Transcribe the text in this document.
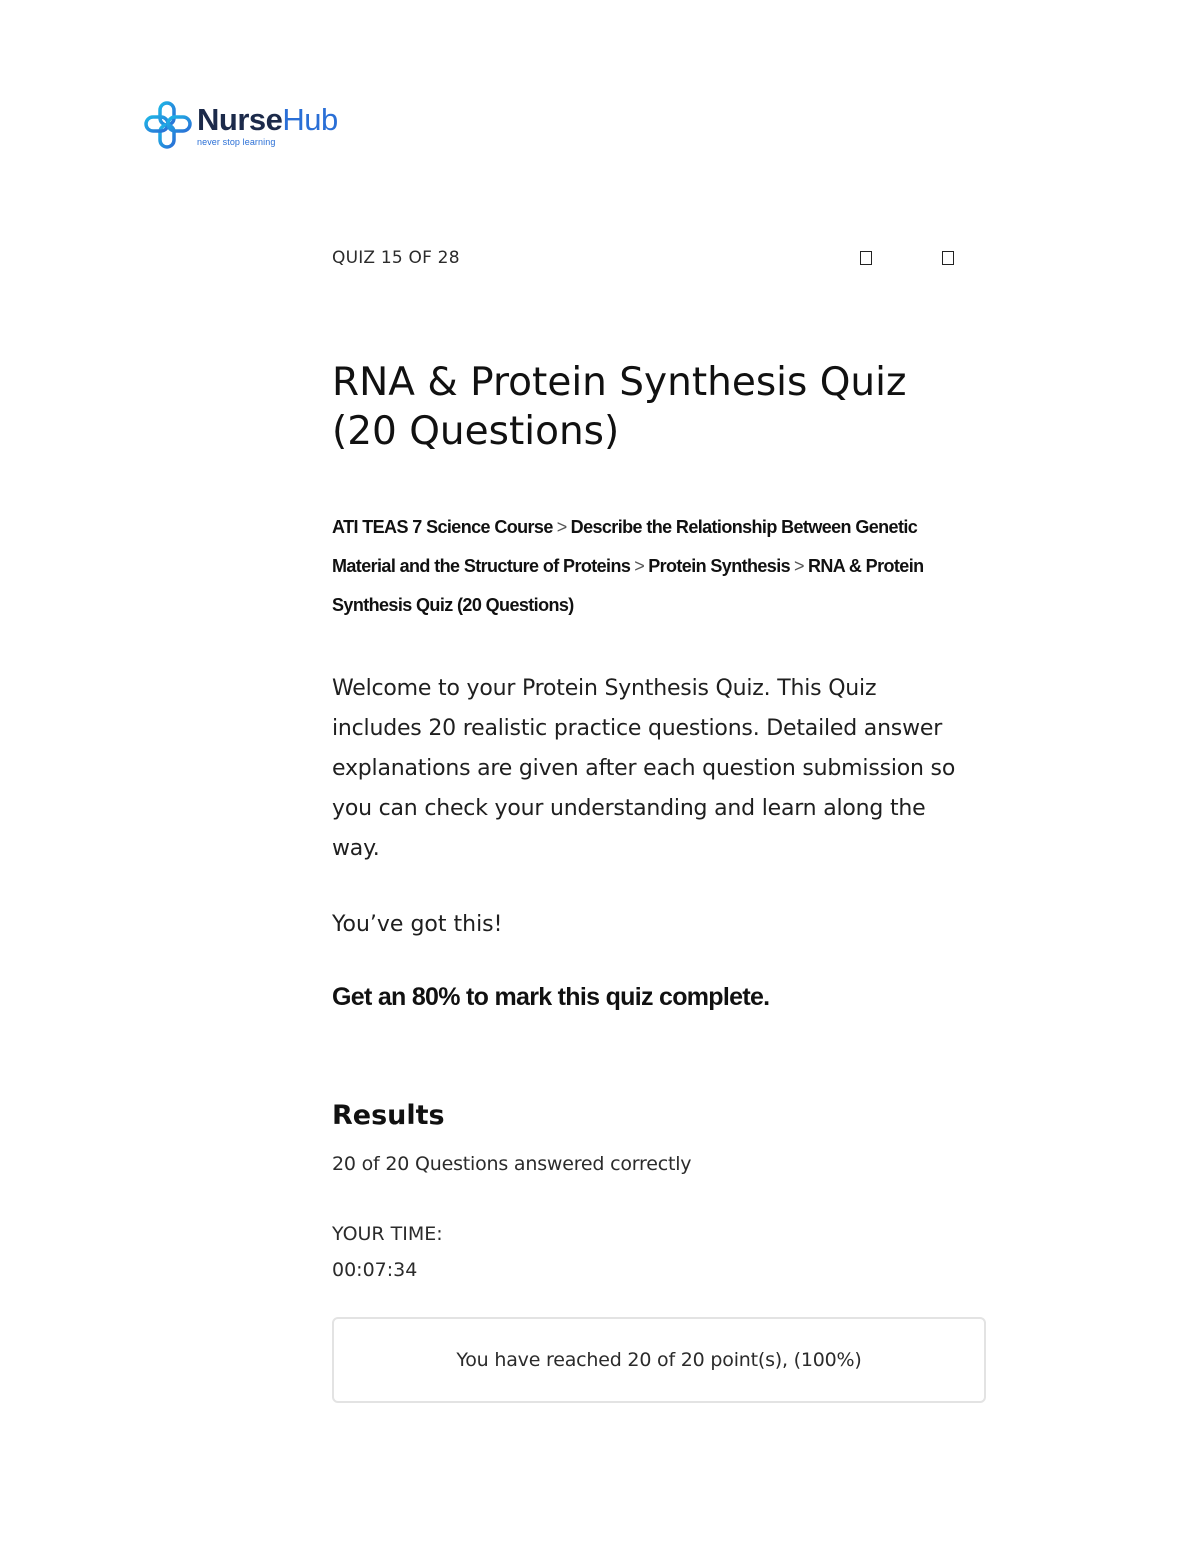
NurseHub
never stop learning
QUIZ 15 OF 28
RNA & Protein Synthesis Quiz (20 Questions)
ATI TEAS 7 Science Course > Describe the Relationship Between Genetic Material and the Structure of Proteins > Protein Synthesis > RNA & Protein Synthesis Quiz (20 Questions)
Welcome to your Protein Synthesis Quiz. This Quiz includes 20 realistic practice questions. Detailed answer explanations are given after each question submission so you can check your understanding and learn along the way.
You’ve got this!
Get an 80% to mark this quiz complete.
Results
20 of 20 Questions answered correctly
YOUR TIME:
00:07:34
You have reached 20 of 20 point(s), (100%)
